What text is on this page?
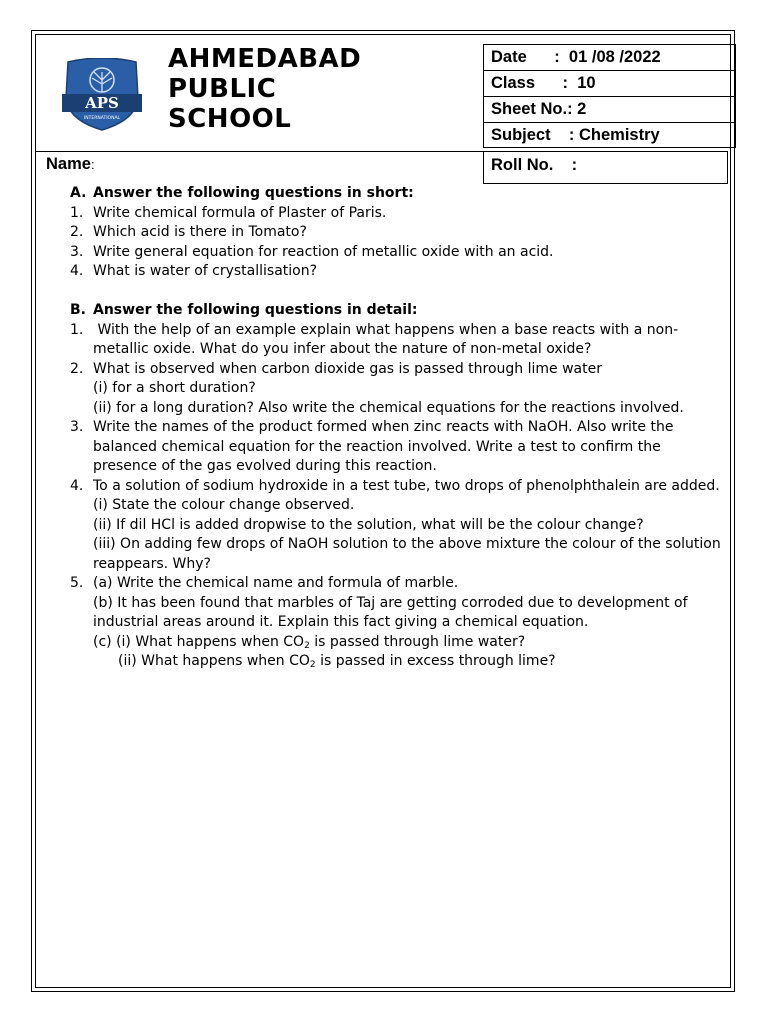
APS
INTERNATIONAL
AHMEDABAD
PUBLIC
SCHOOL
Date      :  01 /08 /2022
Class      :  10
Sheet No.: 2
Subject    : Chemistry
Name:	Roll No.    :
A. Answer the following questions in short:
1. Write chemical formula of Plaster of Paris.
2. Which acid is there in Tomato?
3. Write general equation for reaction of metallic oxide with an acid.
4. What is water of crystallisation?
B. Answer the following questions in detail:
1. With the help of an example explain what happens when a base reacts with a non- metallic oxide. What do you infer about the nature of non-metal oxide?
2. What is observed when carbon dioxide gas is passed through lime water
(i) for a short duration?
(ii) for a long duration? Also write the chemical equations for the reactions involved.
3. Write the names of the product formed when zinc reacts with NaOH. Also write the balanced chemical equation for the reaction involved. Write a test to confirm the presence of the gas evolved during this reaction.
4. To a solution of sodium hydroxide in a test tube, two drops of phenolphthalein are added.
(i) State the colour change observed.
(ii) If dil HCl is added dropwise to the solution, what will be the colour change?
(iii) On adding few drops of NaOH solution to the above mixture the colour of the solution reappears. Why?
5. (a) Write the chemical name and formula of marble.
(b) It has been found that marbles of Taj are getting corroded due to development of industrial areas around it. Explain this fact giving a chemical equation.
(c) (i) What happens when $CO_2$ is passed through lime water?
(ii) What happens when $CO_2$ is passed in excess through lime?
